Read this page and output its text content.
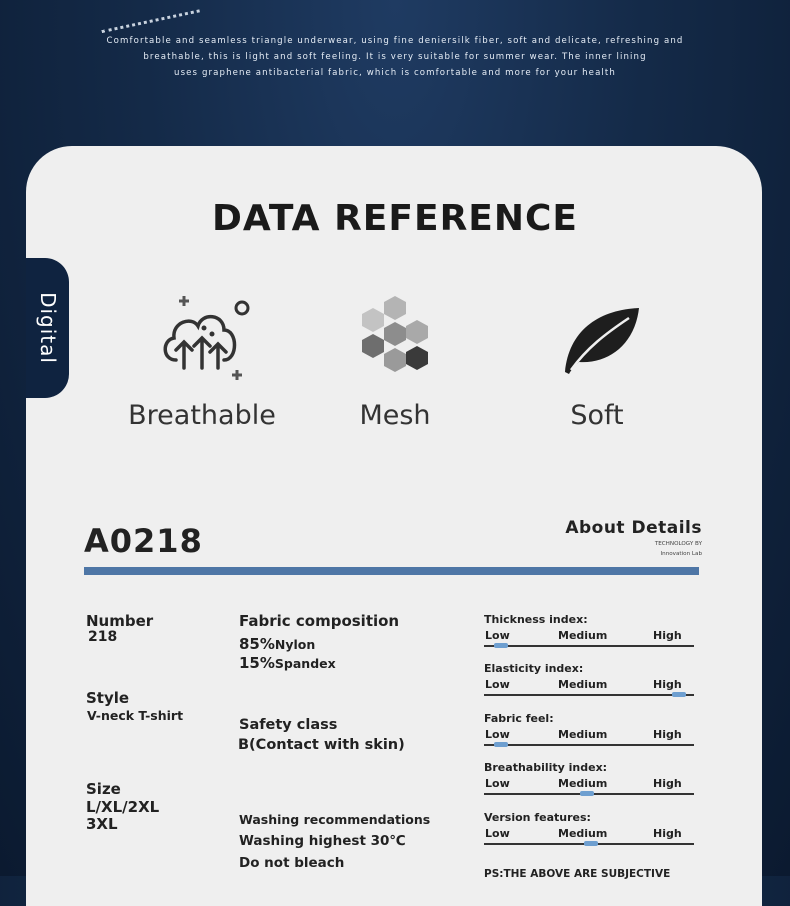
Comfortable and seamless triangle underwear, using fine deniersilk fiber, soft and delicate, refreshing and
breathable, this is light and soft feeling. It is very suitable for summer wear. The inner lining
uses graphene antibacterial fabric, which is comfortable and more for your health
Digital
DATA REFERENCE
Breathable	Mesh	Soft
A0218	About Details
TECHNOLOGY BY
Innovation Lab
Number
218
Style
V-neck T-shirt
Size
L/XL/2XL
3XL
Fabric composition
85%Nylon
15%Spandex
Safety class
B(Contact with skin)
Washing recommendations
Washing highest 30℃
Do not bleach
Thickness index:
Low	Medium	High
Elasticity index:
Low	Medium	High
Fabric feel:
Low	Medium	High
Breathability index:
Low	Medium	High
Version features:
Low	Medium	High
PS:THE ABOVE ARE SUBJECTIVE
